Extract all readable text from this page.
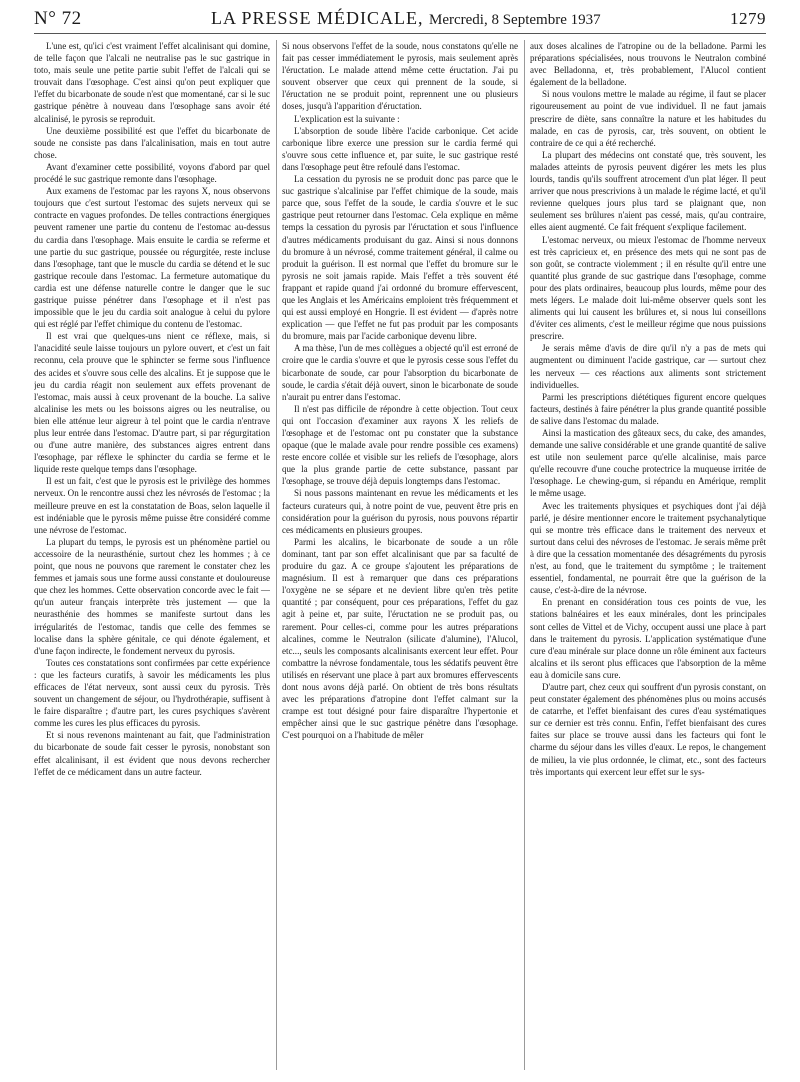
N° 72	LA PRESSE MÉDICALE, Mercredi, 8 Septembre 1937	1279

L'une est, qu'ici c'est vraiment l'effet alcalinisant qui domine, de telle façon que l'alcali ne neutralise pas le suc gastrique in toto, mais seule une petite partie subit l'effet de l'alcali qui se trouvait dans l'œsophage. C'est ainsi qu'on peut expliquer que l'effet du bicarbonate de soude n'est que momentané, car si le suc gastrique pénètre à nouveau dans l'œsophage sans avoir été alcalinisé, le pyrosis se reproduit.

Une deuxième possibilité est que l'effet du bicarbonate de soude ne consiste pas dans l'alcalinisation, mais en tout autre chose.

Avant d'examiner cette possibilité, voyons d'abord par quel procédé le suc gastrique remonte dans l'œsophage.

Aux examens de l'estomac par les rayons X, nous observons toujours que c'est surtout l'estomac des sujets nerveux qui se contracte en vagues profondes. De telles contractions énergiques peuvent ramener une partie du contenu de l'estomac au-dessus du cardia dans l'œsophage. Mais ensuite le cardia se referme et une partie du suc gastrique, poussée ou régurgitée, reste incluse dans l'œsophage, tant que le muscle du cardia se détend et le suc gastrique recoule dans l'estomac. La fermeture automatique du cardia est une défense naturelle contre le danger que le suc gastrique puisse pénétrer dans l'œsophage et il n'est pas impossible que le jeu du cardia soit analogue à celui du pylore qui est réglé par l'effet chimique du contenu de l'estomac.

Il est vrai que quelques-uns nient ce réflexe, mais, si l'anacidité seule laisse toujours un pylore ouvert, et c'est un fait reconnu, cela prouve que le sphincter se ferme sous l'influence des acides et s'ouvre sous celle des alcalins. Et je suppose que le jeu du cardia réagit non seulement aux effets provenant de l'estomac, mais aussi à ceux provenant de la bouche. La salive alcalinise les mets ou les boissons aigres ou les neutralise, ou bien elle atténue leur aigreur à tel point que le cardia n'entrave plus leur entrée dans l'estomac. D'autre part, si par régurgitation ou d'une autre manière, des substances aigres entrent dans l'œsophage, par réflexe le sphincter du cardia se ferme et le liquide reste quelque temps dans l'œsophage.

Il est un fait, c'est que le pyrosis est le privilège des hommes nerveux. On le rencontre aussi chez les névrosés de l'estomac ; la meilleure preuve en est la constatation de Boas, selon laquelle il est indéniable que le pyrosis même puisse être considéré comme une névrose de l'estomac.

La plupart du temps, le pyrosis est un phénomène partiel ou accessoire de la neurasthénie, surtout chez les hommes ; à ce point, que nous ne pouvons que rarement le constater chez les femmes et jamais sous une forme aussi constante et douloureuse que chez les hommes. Cette observation concorde avec le fait — qu'un auteur français interprète très justement — que la neurasthénie des hommes se manifeste surtout dans les irrégularités de l'estomac, tandis que celle des femmes se localise dans la sphère génitale, ce qui dénote également, et d'une façon indirecte, le fondement nerveux du pyrosis.

Toutes ces constatations sont confirmées par cette expérience : que les facteurs curatifs, à savoir les médicaments les plus efficaces de l'état nerveux, sont aussi ceux du pyrosis. Très souvent un changement de séjour, ou l'hydrothérapie, suffisent à le faire disparaître ; d'autre part, les cures psychiques s'avèrent comme les cures les plus efficaces du pyrosis.

Et si nous revenons maintenant au fait, que l'administration du bicarbonate de soude fait cesser le pyrosis, nonobstant son effet alcalinisant, il est évident que nous devons rechercher l'effet de ce médicament dans un autre facteur.

Si nous observons l'effet de la soude, nous constatons qu'elle ne fait pas cesser immédiatement le pyrosis, mais seulement après l'éructation. Le malade attend même cette éructation. J'ai pu souvent observer que ceux qui prennent de la soude, si l'éructation ne se produit point, reprennent une ou plusieurs doses, jusqu'à l'apparition d'éructation.

L'explication est la suivante :

L'absorption de soude libère l'acide carbonique. Cet acide carbonique libre exerce une pression sur le cardia fermé qui s'ouvre sous cette influence et, par suite, le suc gastrique resté dans l'œsophage peut être refoulé dans l'estomac.

La cessation du pyrosis ne se produit donc pas parce que le suc gastrique s'alcalinise par l'effet chimique de la soude, mais parce que, sous l'effet de la soude, le cardia s'ouvre et le suc gastrique peut retourner dans l'estomac. Cela explique en même temps la cessation du pyrosis par l'éructation et sous l'influence d'autres médicaments produisant du gaz. Ainsi si nous donnons du bromure à un névrosé, comme traitement général, il calme ou produit la guérison. Il est normal que l'effet du bromure sur le pyrosis ne soit jamais rapide. Mais l'effet a très souvent été frappant et rapide quand j'ai ordonné du bromure effervescent, que les Anglais et les Américains emploient très fréquemment et qui est aussi employé en Hongrie. Il est évident — d'après notre explication — que l'effet ne fut pas produit par les composants du bromure, mais par l'acide carbonique devenu libre.

A ma thèse, l'un de mes collègues a objecté qu'il est erroné de croire que le cardia s'ouvre et que le pyrosis cesse sous l'effet du bicarbonate de soude, car pour l'absorption du bicarbonate de soude, le cardia s'était déjà ouvert, sinon le bicarbonate de soude n'aurait pu entrer dans l'estomac.

Il n'est pas difficile de répondre à cette objection. Tout ceux qui ont l'occasion d'examiner aux rayons X les reliefs de l'œsophage et de l'estomac ont pu constater que la substance opaque (que le malade avale pour rendre possible ces examens) reste encore collée et visible sur les reliefs de l'œsophage, alors que la plus grande partie de cette substance, passant par l'œsophage, se trouve déjà depuis longtemps dans l'estomac.

Si nous passons maintenant en revue les médicaments et les facteurs curateurs qui, à notre point de vue, peuvent être pris en considération pour la guérison du pyrosis, nous pouvons répartir ces médicaments en plusieurs groupes.

Parmi les alcalins, le bicarbonate de soude a un rôle dominant, tant par son effet alcalinisant que par sa faculté de produire du gaz. A ce groupe s'ajoutent les préparations de magnésium. Il est à remarquer que dans ces préparations l'oxygène ne se sépare et ne devient libre qu'en très petite quantité ; par conséquent, pour ces préparations, l'effet du gaz agit à peine et, par suite, l'éructation ne se produit pas, ou rarement. Pour celles-ci, comme pour les autres préparations alcalines, comme le Neutralon (silicate d'alumine), l'Alucol, etc..., seuls les composants alcalinisants exercent leur effet. Pour combattre la névrose fondamentale, tous les sédatifs peuvent être utilisés en réservant une place à part aux bromures effervescents dont nous avons déjà parlé. On obtient de très bons résultats avec les préparations d'atropine dont l'effet calmant sur la crampe est tout désigné pour faire disparaître l'hypertonie et empêcher ainsi que le suc gastrique pénètre dans l'œsophage. C'est pourquoi on a l'habitude de mêler

aux doses alcalines de l'atropine ou de la belladone. Parmi les préparations spécialisées, nous trouvons le Neutralon combiné avec Belladonna, et, très probablement, l'Alucol contient également de la belladone.

Si nous voulons mettre le malade au régime, il faut se placer rigoureusement au point de vue individuel. Il ne faut jamais prescrire de diète, sans connaître la nature et les habitudes du malade, en cas de pyrosis, car, très souvent, on obtient le contraire de ce qui a été recherché.

La plupart des médecins ont constaté que, très souvent, les malades atteints de pyrosis peuvent digérer les mets les plus lourds, tandis qu'ils souffrent atrocement d'un plat léger. Il peut arriver que nous prescrivions à un malade le régime lacté, et qu'il revienne quelques jours plus tard se plaignant que, non seulement ses brûlures n'aient pas cessé, mais, qu'au contraire, elles aient augmenté. Ce fait fréquent s'explique facilement.

L'estomac nerveux, ou mieux l'estomac de l'homme nerveux est très capricieux et, en présence des mets qui ne sont pas de son goût, se contracte violemment ; il en résulte qu'il entre une quantité plus grande de suc gastrique dans l'œsophage, comme pour des plats ordinaires, beaucoup plus lourds, même pour des mets légers. Le malade doit lui-même observer quels sont les aliments qui lui causent les brûlures et, si nous lui conseillons d'éviter ces aliments, c'est le meilleur régime que nous puissions prescrire.

Je serais même d'avis de dire qu'il n'y a pas de mets qui augmentent ou diminuent l'acide gastrique, car — surtout chez les nerveux — ces réactions aux aliments sont strictement individuelles.

Parmi les prescriptions diététiques figurent encore quelques facteurs, destinés à faire pénétrer la plus grande quantité possible de salive dans l'estomac du malade.

Ainsi la mastication des gâteaux secs, du cake, des amandes, demande une salive considérable et une grande quantité de salive est utile non seulement parce qu'elle alcalinise, mais parce qu'elle recouvre d'une couche protectrice la muqueuse irritée de l'œsophage. Le chewing-gum, si répandu en Amérique, remplit le même usage.

Avec les traitements physiques et psychiques dont j'ai déjà parlé, je désire mentionner encore le traitement psychanalytique qui se montre très efficace dans le traitement des nerveux et surtout dans celui des névroses de l'estomac. Je serais même prêt à dire que la cessation momentanée des désagréments du pyrosis n'est, au fond, que le traitement du symptôme ; le traitement essentiel, fondamental, ne pourrait être que la guérison de la cause, c'est-à-dire de la névrose.

En prenant en considération tous ces points de vue, les stations balnéaires et les eaux minérales, dont les principales sont celles de Vittel et de Vichy, occupent aussi une place à part dans le traitement du pyrosis. L'application systématique d'une cure d'eau minérale sur place donne un rôle éminent aux facteurs alcalins et ils seront plus efficaces que l'absorption de la même eau à domicile sans cure.

D'autre part, chez ceux qui souffrent d'un pyrosis constant, on peut constater également des phénomènes plus ou moins accusés de catarrhe, et l'effet bienfaisant des cures d'eau systématiques sur ce dernier est très connu. Enfin, l'effet bienfaisant des cures faites sur place se trouve aussi dans les facteurs qui font le charme du séjour dans les villes d'eaux. Le repos, le changement de milieu, la vie plus ordonnée, le climat, etc., sont des facteurs très importants qui exercent leur effet sur le sys-
